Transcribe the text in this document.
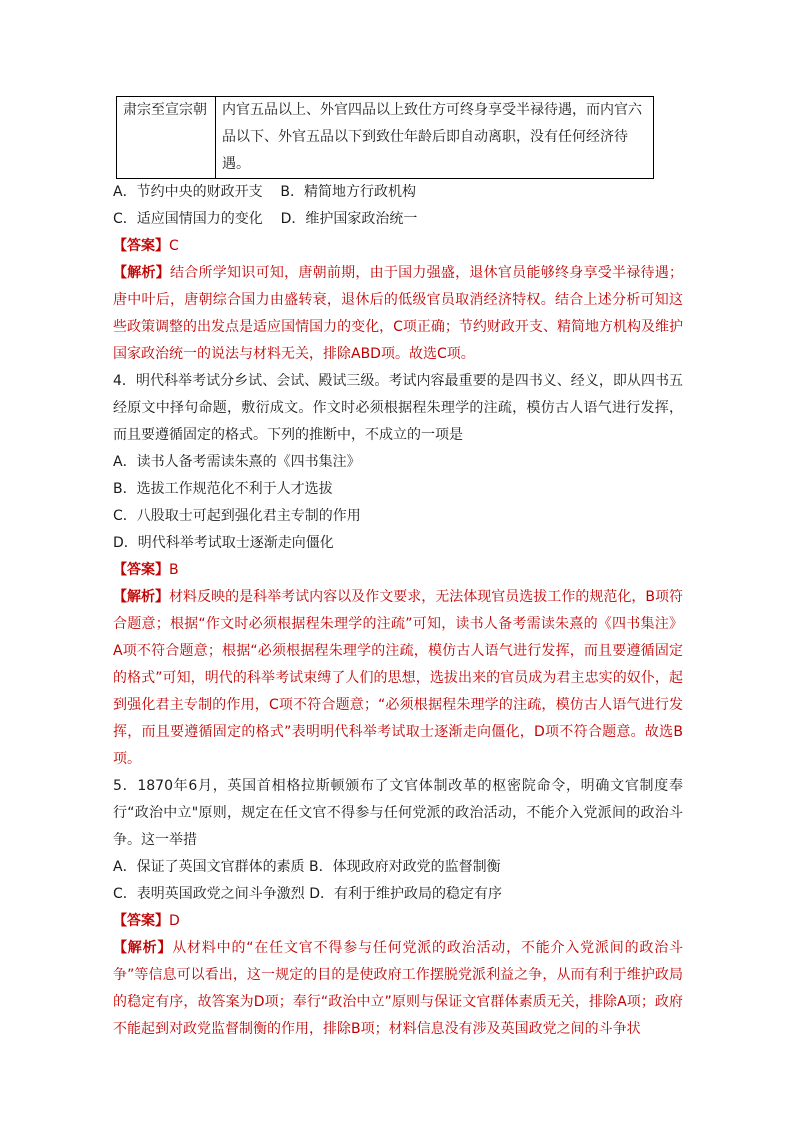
肃宗至宣宗朝	内官五品以上、外官四品以上致仕方可终身享受半禄待遇，而内官六品以下、外官五品以下到致仕年龄后即自动离职，没有任何经济待遇。

A．节约中央的财政开支    B．精简地方行政机构

C．适应国情国力的变化    D．维护国家政治统一

【答案】C

【解析】结合所学知识可知，唐朝前期，由于国力强盛，退休官员能够终身享受半禄待遇；唐中叶后，唐朝综合国力由盛转衰，退休后的低级官员取消经济特权。结合上述分析可知这些政策调整的出发点是适应国情国力的变化，C项正确；节约财政开支、精简地方机构及维护国家政治统一的说法与材料无关，排除ABD项。故选C项。

4．明代科举考试分乡试、会试、殿试三级。考试内容最重要的是四书义、经义，即从四书五经原文中择句命题，敷衍成文。作文时必须根据程朱理学的注疏，模仿古人语气进行发挥，而且要遵循固定的格式。下列的推断中，不成立的一项是

A．读书人备考需读朱熹的《四书集注》

B．选拔工作规范化不利于人才选拔

C．八股取士可起到强化君主专制的作用

D．明代科举考试取士逐渐走向僵化

【答案】B

【解析】材料反映的是科举考试内容以及作文要求，无法体现官员选拔工作的规范化，B项符合题意；根据“作文时必须根据程朱理学的注疏”可知，读书人备考需读朱熹的《四书集注》A项不符合题意；根据“必须根据程朱理学的注疏，模仿古人语气进行发挥，而且要遵循固定的格式”可知，明代的科举考试束缚了人们的思想，选拔出来的官员成为君主忠实的奴仆，起到强化君主专制的作用，C项不符合题意；“必须根据程朱理学的注疏，模仿古人语气进行发挥，而且要遵循固定的格式”表明明代科举考试取士逐渐走向僵化，D项不符合题意。故选B项。

5．1870年6月，英国首相格拉斯顿颁布了文官体制改革的枢密院命令，明确文官制度奉行“政治中立"原则，规定在任文官不得参与任何党派的政治活动，不能介入党派间的政治斗争。这一举措

A．保证了英国文官群体的素质 B．体现政府对政党的监督制衡

C．表明英国政党之间斗争激烈 D．有利于维护政局的稳定有序

【答案】D

【解析】从材料中的“在任文官不得参与任何党派的政治活动，不能介入党派间的政治斗争”等信息可以看出，这一规定的目的是使政府工作摆脱党派利益之争，从而有利于维护政局的稳定有序，故答案为D项；奉行“政治中立”原则与保证文官群体素质无关，排除A项；政府不能起到对政党监督制衡的作用，排除B项；材料信息没有涉及英国政党之间的斗争状
